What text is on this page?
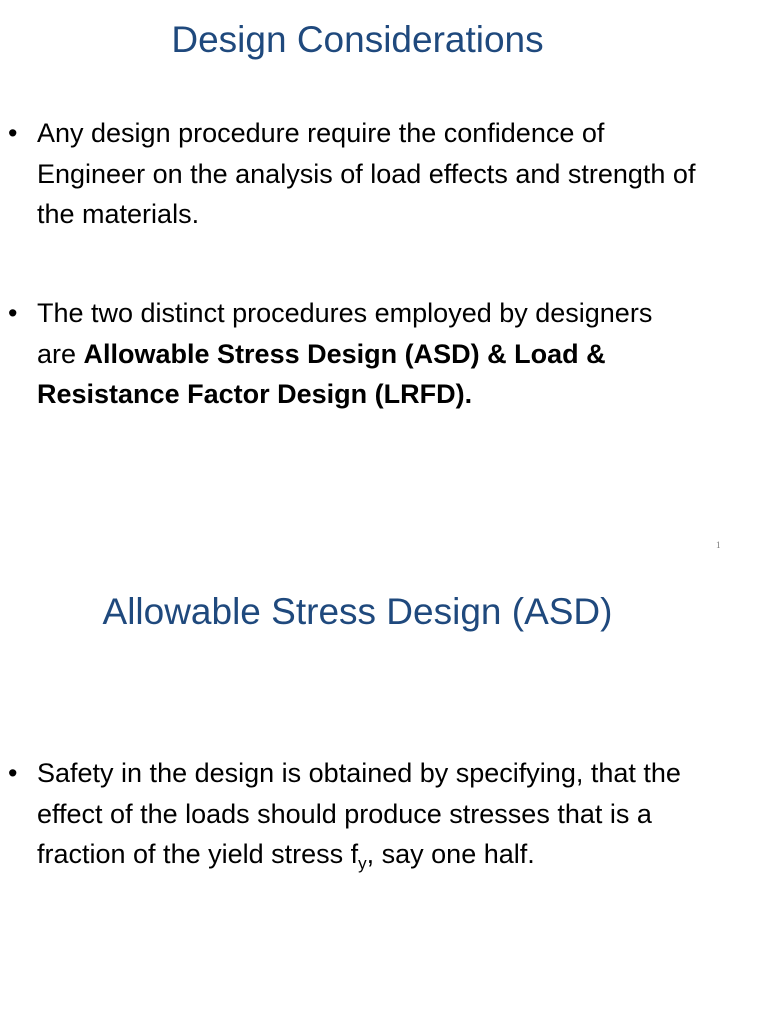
Design Considerations
• Any design procedure require the confidence of Engineer on the analysis of load effects and strength of the materials.
• The two distinct procedures employed by designers are Allowable Stress Design (ASD) & Load & Resistance Factor Design (LRFD).
1
Allowable Stress Design (ASD)
• Safety in the design is obtained by specifying, that the effect of the loads should produce stresses that is a fraction of the yield stress $f_y$, say one half.
